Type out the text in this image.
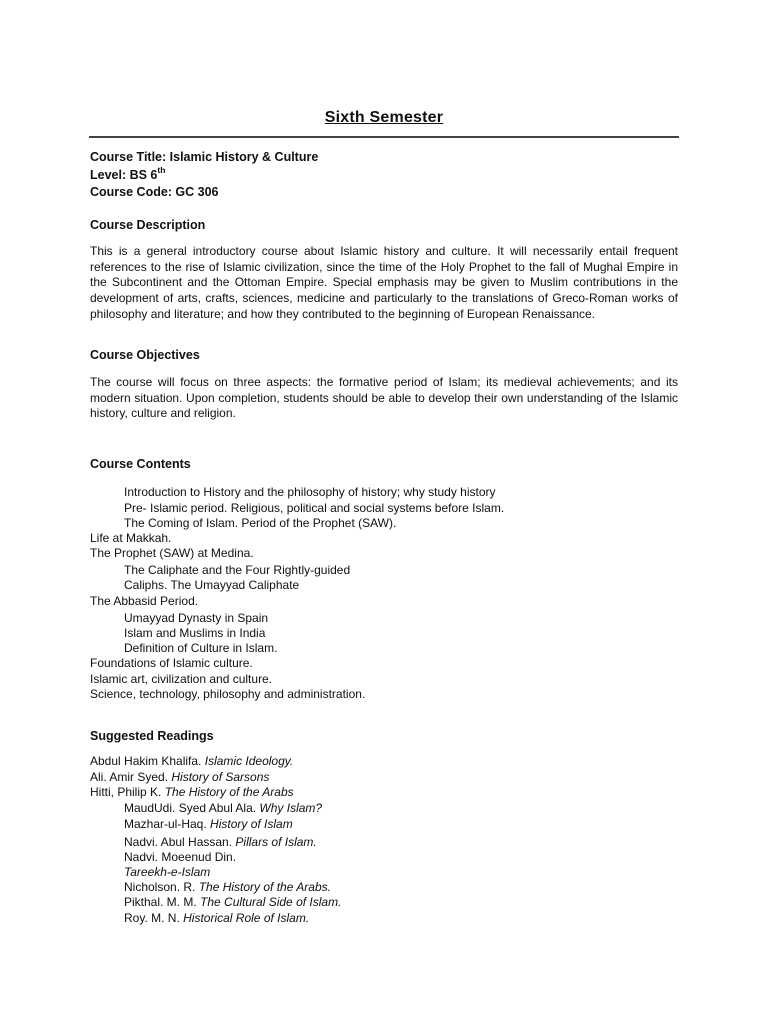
Sixth Semester
Course Title: Islamic History & Culture
Level: BS 6th
Course Code: GC 306
Course Description

This is a general introductory course about Islamic history and culture. It will necessarily entail frequent references to the rise of Islamic civilization, since the time of the Holy Prophet to the fall of Mughal Empire in the Subcontinent and the Ottoman Empire. Special emphasis may be given to Muslim contributions in the development of arts, crafts, sciences, medicine and particularly to the translations of Greco-Roman works of philosophy and literature; and how they contributed to the beginning of European Renaissance.

Course Objectives

The course will focus on three aspects: the formative period of Islam; its medieval achievements; and its modern situation. Upon completion, students should be able to develop their own understanding of the Islamic history, culture and religion.

Course Contents
Introduction to History and the philosophy of history; why study history
Pre- Islamic period. Religious, political and social systems before Islam.
The Coming of Islam. Period of the Prophet (SAW).
Life at Makkah.
The Prophet (SAW) at Medina.
The Caliphate and the Four Rightly-guided
Caliphs. The Umayyad Caliphate
The Abbasid Period.
Umayyad Dynasty in Spain
Islam and Muslims in India
Definition of Culture in Islam.
Foundations of Islamic culture.
Islamic art, civilization and culture.
Science, technology, philosophy and administration.
Suggested Readings
Abdul Hakim Khalifa. Islamic Ideology.
Ali. Amir Syed. History of Sarsons
Hitti, Philip K. The History of the Arabs
MaudUdi. Syed Abul Ala. Why Islam?
Mazhar-ul-Haq. History of Islam
Nadvi. Abul Hassan. Pillars of Islam.
Nadvi. Moeenud Din.
Tareekh-e-Islam
Nicholson. R. The History of the Arabs.
Pikthal. M. M. The Cultural Side of Islam.
Roy. M. N. Historical Role of Islam.
